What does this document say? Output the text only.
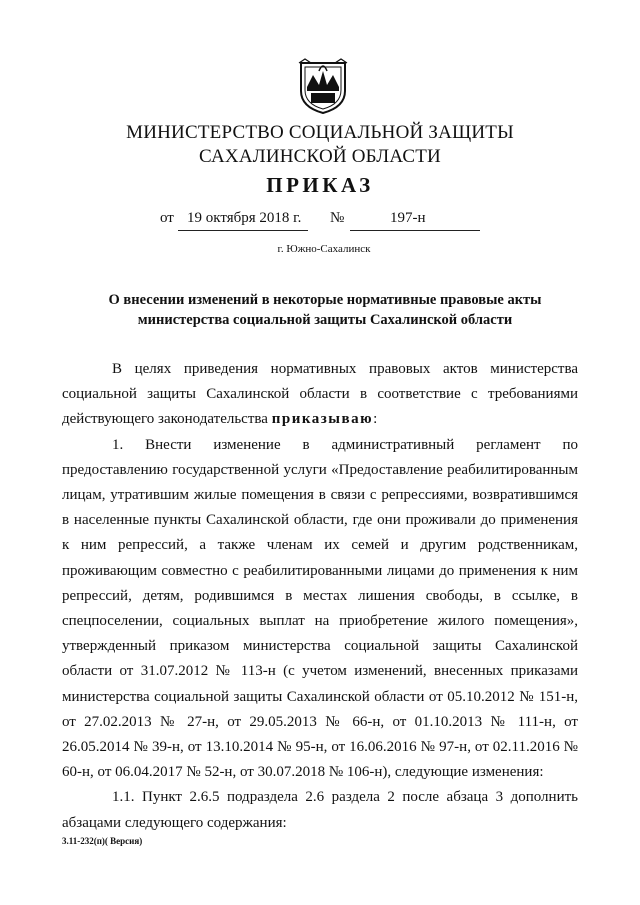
МИНИСТЕРСТВО СОЦИАЛЬНОЙ ЗАЩИТЫ
САХАЛИНСКОЙ ОБЛАСТИ
ПРИКАЗ
от 19 октября 2018 г. №	197-н
г. Южно-Сахалинск
О внесении изменений в некоторые нормативные правовые акты
министерства социальной защиты Сахалинской области

В целях приведения нормативных правовых актов министерства социальной защиты Сахалинской области в соответствие с требованиями действующего законодательства приказываю:

1. Внести изменение в административный регламент по предоставлению государственной услуги «Предоставление реабилитированным лицам, утратившим жилые помещения в связи с репрессиями, возвратившимся в населенные пункты Сахалинской области, где они проживали до применения к ним репрессий, а также членам их семей и другим родственникам, проживающим совместно с реабилитированными лицами до применения к ним репрессий, детям, родившимся в местах лишения свободы, в ссылке, в спецпоселении, социальных выплат на приобретение жилого помещения», утвержденный приказом министерства социальной защиты Сахалинской области от 31.07.2012 № 113-н (с учетом изменений, внесенных приказами министерства социальной защиты Сахалинской области от 05.10.2012 № 151-н, от 27.02.2013 № 27-н, от 29.05.2013 № 66-н, от 01.10.2013 № 111-н, от 26.05.2014 № 39-н, от 13.10.2014 № 95-н, от 16.06.2016 № 97-н, от 02.11.2016 № 60-н, от 06.04.2017 № 52-н, от 30.07.2018 № 106-н), следующие изменения:

1.1. Пункт 2.6.5 подраздела 2.6 раздела 2 после абзаца 3 дополнить абзацами следующего содержания:

3.11-232(п)( Версия)
